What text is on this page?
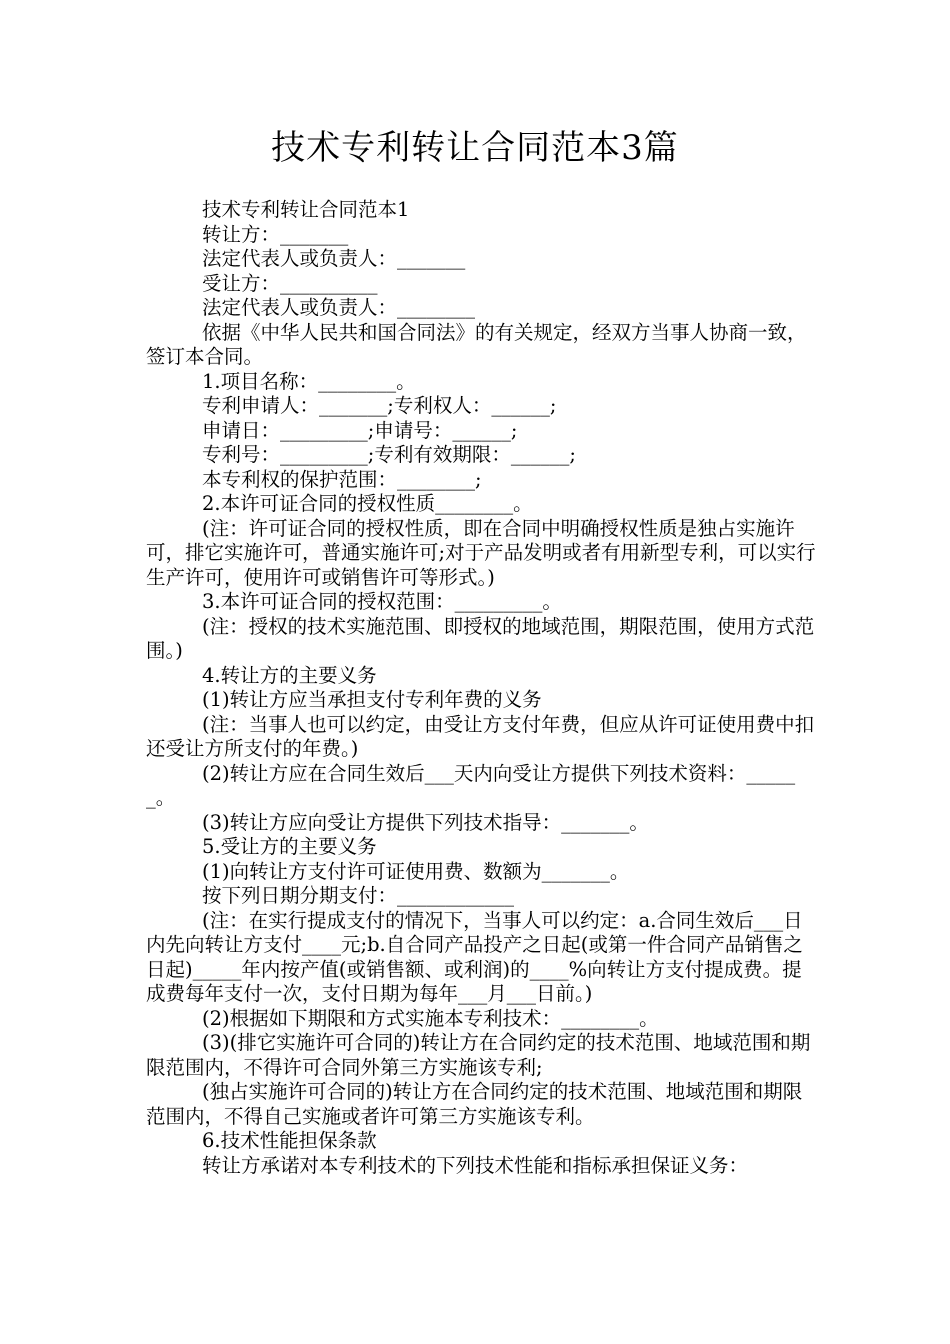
技术专利转让合同范本3篇

技术专利转让合同范本1

转让方：_______

法定代表人或负责人：_______

受让方：__________

法定代表人或负责人：________

依据《中华人民共和国合同法》的有关规定，经双方当事人协商一致，签订本合同。

1.项目名称：________。

专利申请人：_______;专利权人：______;

申请日：_________;申请号：______;

专利号：_________;专利有效期限：______;

本专利权的保护范围：________;

2.本许可证合同的授权性质________。

(注：许可证合同的授权性质，即在合同中明确授权性质是独占实施许可，排它实施许可，普通实施许可;对于产品发明或者有用新型专利，可以实行生产许可，使用许可或销售许可等形式。)

3.本许可证合同的授权范围：_________。

(注：授权的技术实施范围、即授权的地域范围，期限范围，使用方式范围。)

4.转让方的主要义务

(1)转让方应当承担支付专利年费的义务

(注：当事人也可以约定，由受让方支付年费，但应从许可证使用费中扣还受让方所支付的年费。)

(2)转让方应在合同生效后___天内向受让方提供下列技术资料：______。

(3)转让方应向受让方提供下列技术指导：_______。

5.受让方的主要义务

(1)向转让方支付许可证使用费、数额为_______。

按下列日期分期支付：____________

(注：在实行提成支付的情况下，当事人可以约定：a.合同生效后___日内先向转让方支付____元;b.自合同产品投产之日起(或第一件合同产品销售之日起)_____年内按产值(或销售额、或利润)的____%向转让方支付提成费。提成费每年支付一次，支付日期为每年___月___日前。)

(2)根据如下期限和方式实施本专利技术：________。

(3)(排它实施许可合同的)转让方在合同约定的技术范围、地域范围和期限范围内，不得许可合同外第三方实施该专利;

(独占实施许可合同的)转让方在合同约定的技术范围、地域范围和期限范围内，不得自己实施或者许可第三方实施该专利。

6.技术性能担保条款

转让方承诺对本专利技术的下列技术性能和指标承担保证义务：
